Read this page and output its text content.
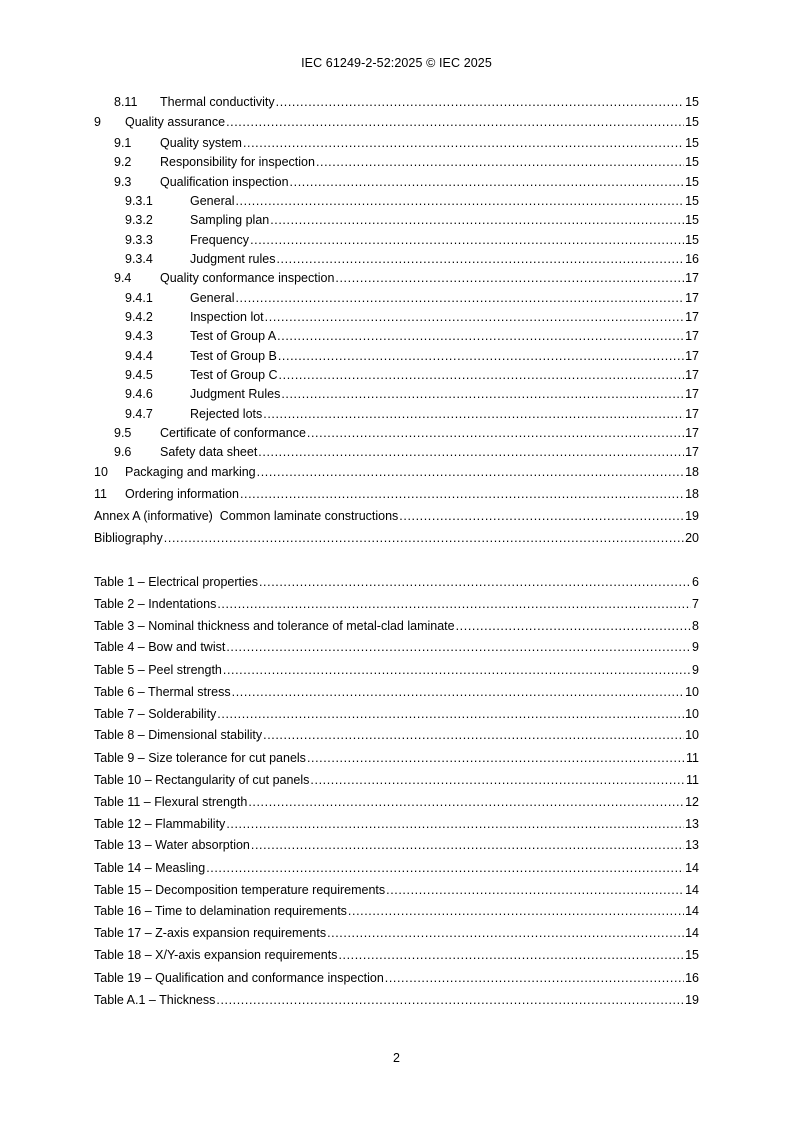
IEC 61249-2-52:2025 © IEC 2025
8.11 Thermal conductivity .....	15
9 Quality assurance .....	15
9.1 Quality system .....	15
9.2 Responsibility for inspection .....	15
9.3 Qualification inspection .....	15
9.3.1	General .....	15
9.3.2	Sampling plan .....	15
9.3.3	Frequency .....	15
9.3.4	Judgment rules .....	16
9.4 Quality conformance inspection .....	17
9.4.1	General .....	17
9.4.2	Inspection lot .....	17
9.4.3	Test of Group A .....	17
9.4.4	Test of Group B .....	17
9.4.5	Test of Group C .....	17
9.4.6	Judgment Rules .....	17
9.4.7	Rejected lots .....	17
9.5 Certificate of conformance .....	17
9.6 Safety data sheet .....	17
10 Packaging and marking .....	18
11 Ordering information .....	18
Annex A (informative)  Common laminate constructions .....	19
Bibliography .....	20
Table 1 – Electrical properties .....	6
Table 2 – Indentations .....	7
Table 3 – Nominal thickness and tolerance of metal-clad laminate .....	8
Table 4 – Bow and twist .....	9
Table 5 – Peel strength .....	9
Table 6 – Thermal stress .....	10
Table 7 – Solderability .....	10
Table 8 – Dimensional stability .....	10
Table 9 – Size tolerance for cut panels .....	11
Table 10 – Rectangularity of cut panels .....	11
Table 11 – Flexural strength .....	12
Table 12 – Flammability .....	13
Table 13 – Water absorption .....	13
Table 14 – Measling .....	14
Table 15 – Decomposition temperature requirements .....	14
Table 16 – Time to delamination requirements .....	14
Table 17 – Z-axis expansion requirements .....	14
Table 18 – X/Y-axis expansion requirements .....	15
Table 19 – Qualification and conformance inspection .....	16
Table A.1 – Thickness .....	19
2
